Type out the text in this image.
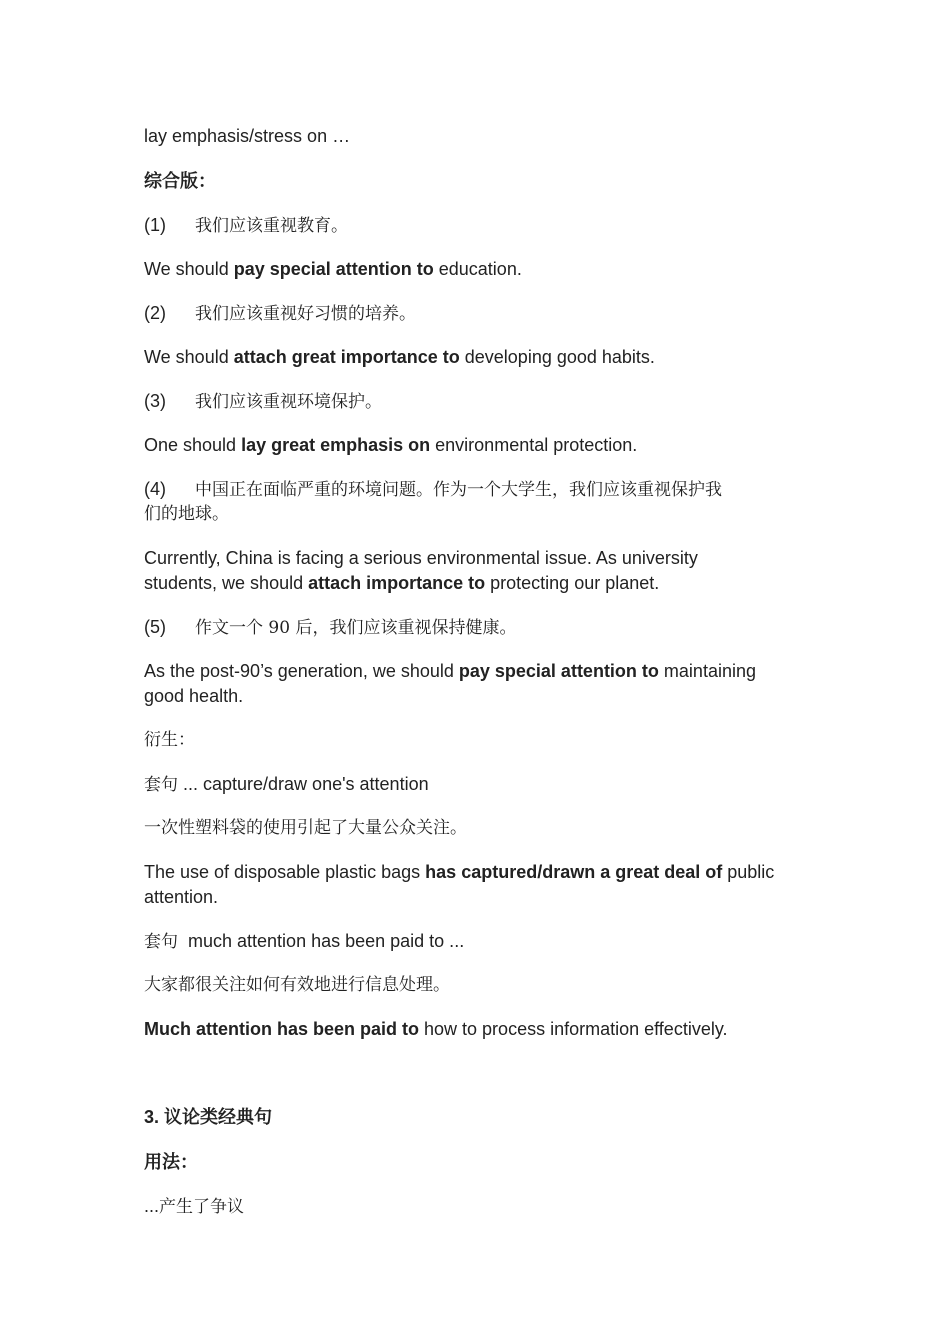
lay emphasis/stress on …
综合版：
(1) 我们应该重视教育。
We should pay special attention to education.
(2) 我们应该重视好习惯的培养。
We should attach great importance to developing good habits.
(3) 我们应该重视环境保护。
One should lay great emphasis on environmental protection.
(4) 中国正在面临严重的环境问题。作为一个大学生，我们应该重视保护我
们的地球。
Currently, China is facing a serious environmental issue. As university
students, we should attach importance to protecting our planet.
(5) 作文一个 90 后，我们应该重视保持健康。
As the post-90’s generation, we should pay special attention to maintaining
good health.
衍生：
套句 ... capture/draw one's attention
一次性塑料袋的使用引起了大量公众关注。
The use of disposable plastic bags has captured/drawn a great deal of public
attention.
套句  much attention has been paid to ...
大家都很关注如何有效地进行信息处理。
Much attention has been paid to how to process information effectively.
3. 议论类经典句
用法：
...产生了争议
